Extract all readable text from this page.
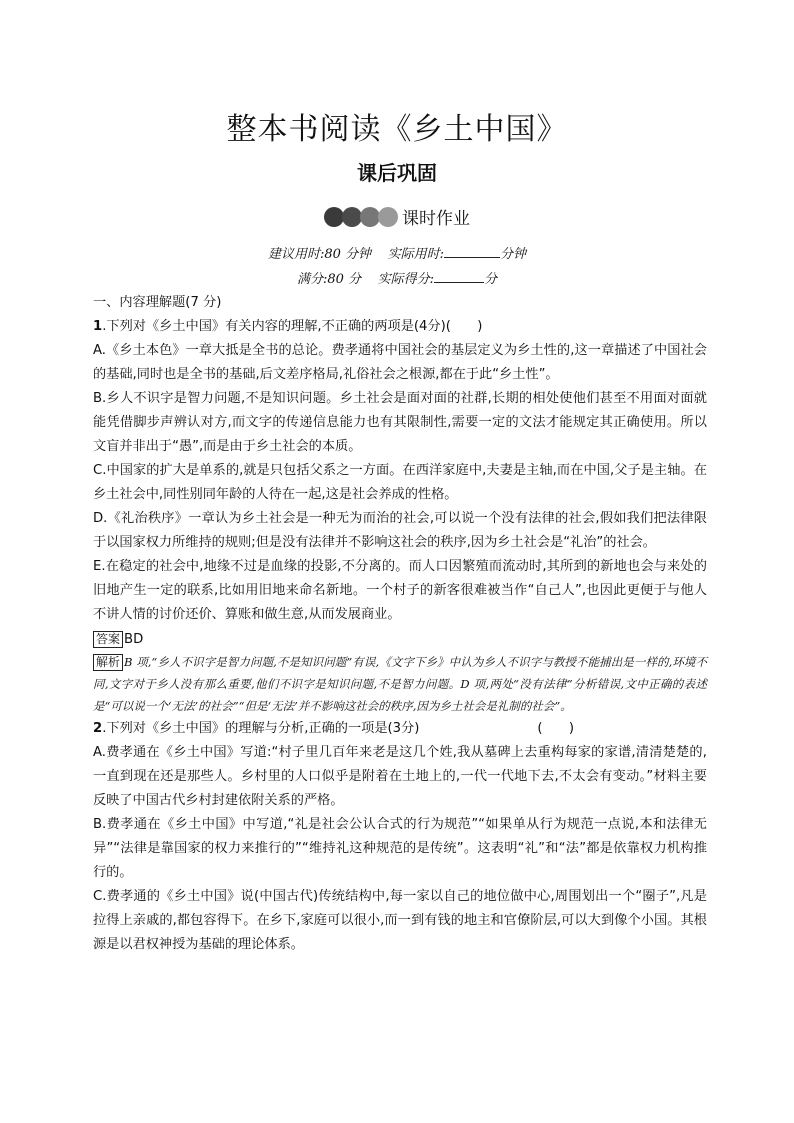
整本书阅读《乡土中国》
课后巩固
课时作业
建议用时:80 分钟 实际用时:	分钟
满分:80 分 实际得分:	分
一、内容理解题(7 分)

1.下列对《乡土中国》有关内容的理解,不正确的两项是(4分)(　　)

A.《乡土本色》一章大抵是全书的总论。费孝通将中国社会的基层定义为乡土性的,这一章描述了中国社会的基础,同时也是全书的基础,后文差序格局,礼俗社会之根源,都在于此“乡土性”。

B.乡人不识字是智力问题,不是知识问题。乡土社会是面对面的社群,长期的相处使他们甚至不用面对面就能凭借脚步声辨认对方,而文字的传递信息能力也有其限制性,需要一定的文法才能规定其正确使用。所以文盲并非出于“愚”,而是由于乡土社会的本质。

C.中国家的扩大是单系的,就是只包括父系之一方面。在西洋家庭中,夫妻是主轴,而在中国,父子是主轴。在乡土社会中,同性别同年龄的人待在一起,这是社会养成的性格。

D.《礼治秩序》一章认为乡土社会是一种无为而治的社会,可以说一个没有法律的社会,假如我们把法律限于以国家权力所维持的规则;但是没有法律并不影响这社会的秩序,因为乡土社会是“礼治”的社会。

E.在稳定的社会中,地缘不过是血缘的投影,不分离的。而人口因繁殖而流动时,其所到的新地也会与来处的旧地产生一定的联系,比如用旧地来命名新地。一个村子的新客很难被当作“自己人”,也因此更便于与他人不讲人情的讨价还价、算账和做生意,从而发展商业。

答案 BD

解析 B 项,“乡人不识字是智力问题,不是知识问题”有误,《文字下乡》中认为乡人不识字与教授不能捕出是一样的,环境不同,文字对于乡人没有那么重要,他们不识字是知识问题,不是智力问题。D 项,两处“没有法律”分析错误,文中正确的表述是“可以说一个‘无法’的社会”“但是‘无法’并不影响这社会的秩序,因为乡土社会是礼制的社会”。

2.下列对《乡土中国》的理解与分析,正确的一项是(3分)	(　　)

A.费孝通在《乡土中国》写道:“村子里几百年来老是这几个姓,我从墓碑上去重构每家的家谱,清清楚楚的,一直到现在还是那些人。乡村里的人口似乎是附着在土地上的,一代一代地下去,不太会有变动。”材料主要反映了中国古代乡村封建依附关系的严格。

B.费孝通在《乡土中国》中写道,“礼是社会公认合式的行为规范”“如果单从行为规范一点说,本和法律无异”“法律是靠国家的权力来推行的”“维持礼这种规范的是传统”。这表明“礼”和“法”都是依靠权力机构推行的。

C.费孝通的《乡土中国》说(中国古代)传统结构中,每一家以自己的地位做中心,周围划出一个“圈子”,凡是拉得上亲戚的,都包容得下。在乡下,家庭可以很小,而一到有钱的地主和官僚阶层,可以大到像个小国。其根源是以君权神授为基础的理论体系。
